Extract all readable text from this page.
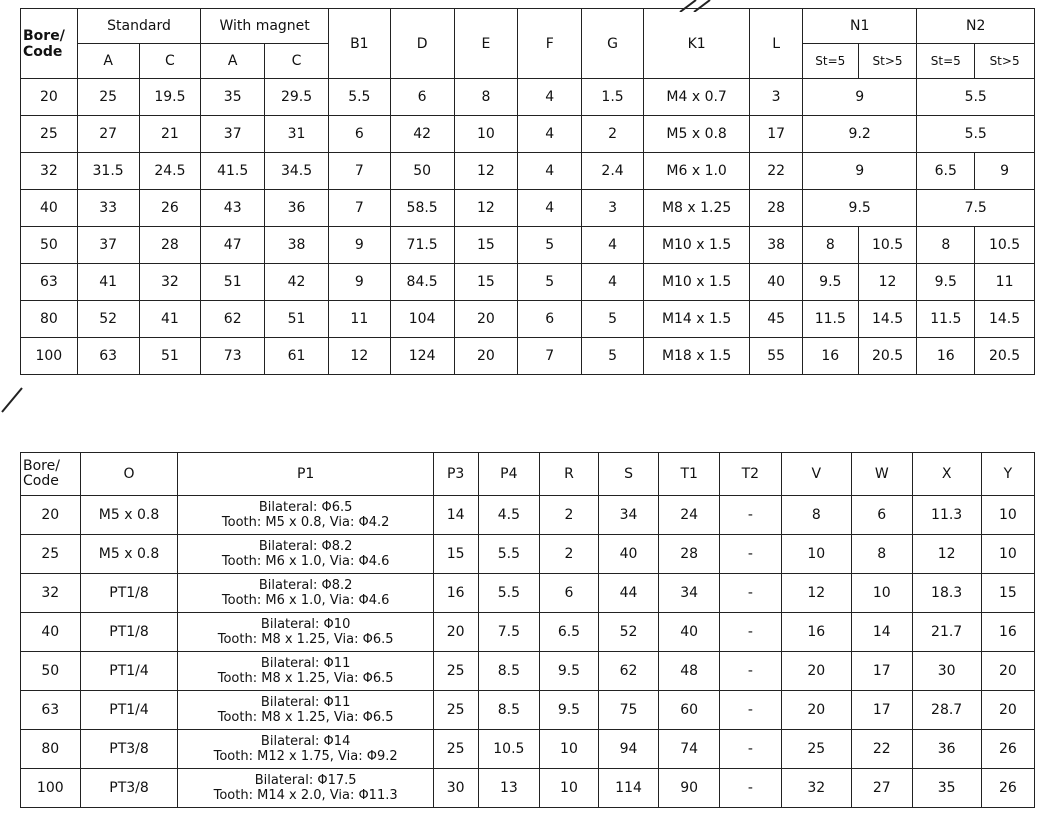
Bore/ Code	Standard		With magnet		B1	D	E	F	G	K1	L	N1		N2	
	A	C	A	C								St=5	St>5	St=5	St>5
20	25	19.5	35	29.5	5.5	6	8	4	1.5	M4 x 0.7	3	9		5.5	
25	27	21	37	31	6	42	10	4	2	M5 x 0.8	17	9.2		5.5	
32	31.5	24.5	41.5	34.5	7	50	12	4	2.4	M6 x 1.0	22	9		6.5	9
40	33	26	43	36	7	58.5	12	4	3	M8 x 1.25	28	9.5		7.5	
50	37	28	47	38	9	71.5	15	5	4	M10 x 1.5	38	8	10.5	8	10.5
63	41	32	51	42	9	84.5	15	5	4	M10 x 1.5	40	9.5	12	9.5	11
80	52	41	62	51	11	104	20	6	5	M14 x 1.5	45	11.5	14.5	11.5	14.5
100	63	51	73	61	12	124	20	7	5	M18 x 1.5	55	16	20.5	16	20.5
Bore/ Code	O	P1	P3	P4	R	S	T1	T2	V	W	X	Y
20	M5 x 0.8	Bilateral: Φ6.5
Tooth: M5 x 0.8, Via: Φ4.2	14	4.5	2	34	24	-	8	6	11.3	10
25	M5 x 0.8	Bilateral: Φ8.2
Tooth: M6 x 1.0, Via: Φ4.6	15	5.5	2	40	28	-	10	8	12	10
32	PT1/8	Bilateral: Φ8.2
Tooth: M6 x 1.0, Via: Φ4.6	16	5.5	6	44	34	-	12	10	18.3	15
40	PT1/8	Bilateral: Φ10
Tooth: M8 x 1.25, Via: Φ6.5	20	7.5	6.5	52	40	-	16	14	21.7	16
50	PT1/4	Bilateral: Φ11
Tooth: M8 x 1.25, Via: Φ6.5	25	8.5	9.5	62	48	-	20	17	30	20
63	PT1/4	Bilateral: Φ11
Tooth: M8 x 1.25, Via: Φ6.5	25	8.5	9.5	75	60	-	20	17	28.7	20
80	PT3/8	Bilateral: Φ14
Tooth: M12 x 1.75, Via: Φ9.2	25	10.5	10	94	74	-	25	22	36	26
100	PT3/8	Bilateral: Φ17.5
Tooth: M14 x 2.0, Via: Φ11.3	30	13	10	114	90	-	32	27	35	26
